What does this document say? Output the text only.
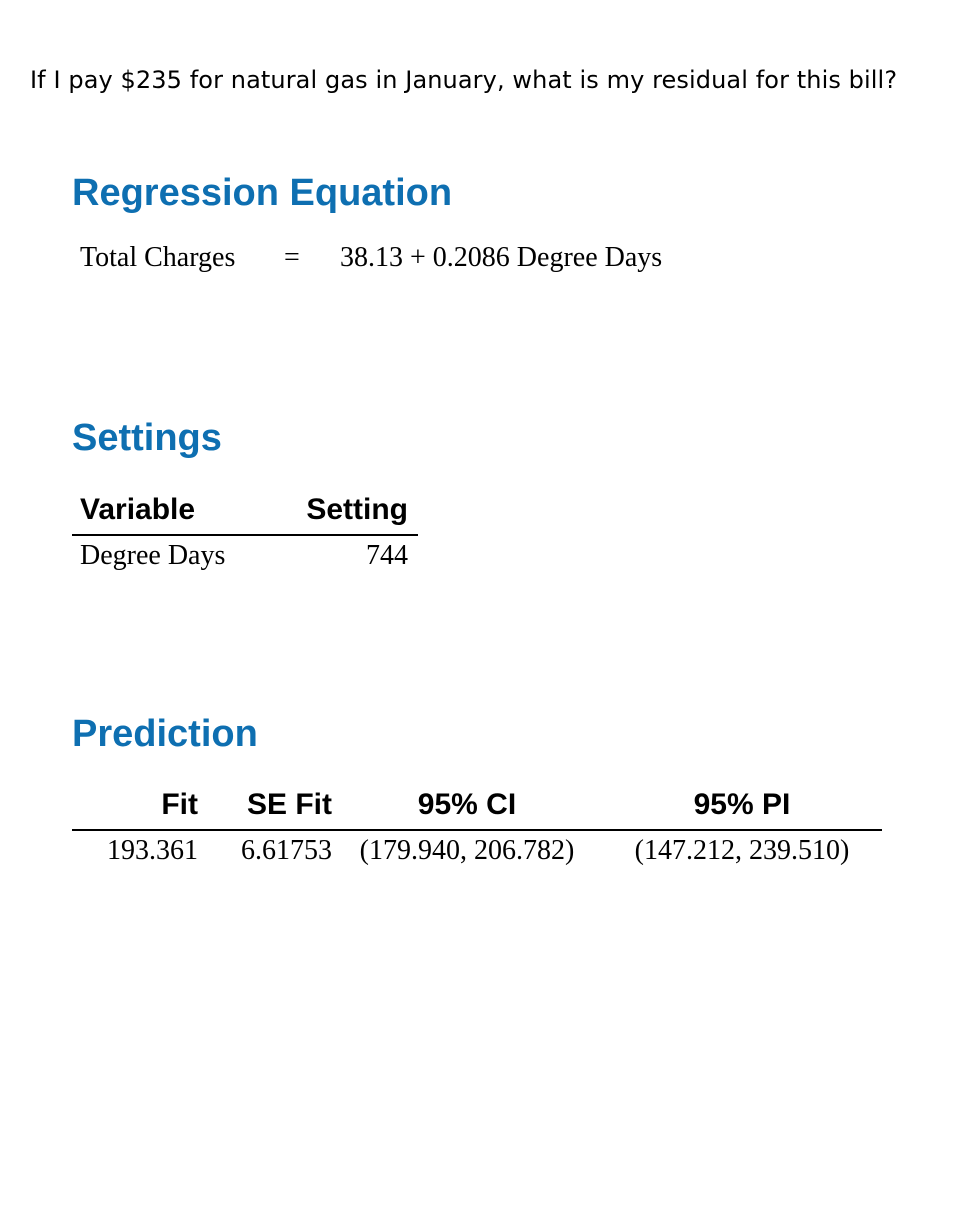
If I pay $235 for natural gas in January, what is my residual for this bill?
Regression Equation
Total Charges = 38.13 + 0.2086 Degree Days
Settings
Variable	Setting
Degree Days	744
Prediction
Fit	SE Fit	95% CI	95% PI
193.361	6.61753	(179.940, 206.782)	(147.212, 239.510)
